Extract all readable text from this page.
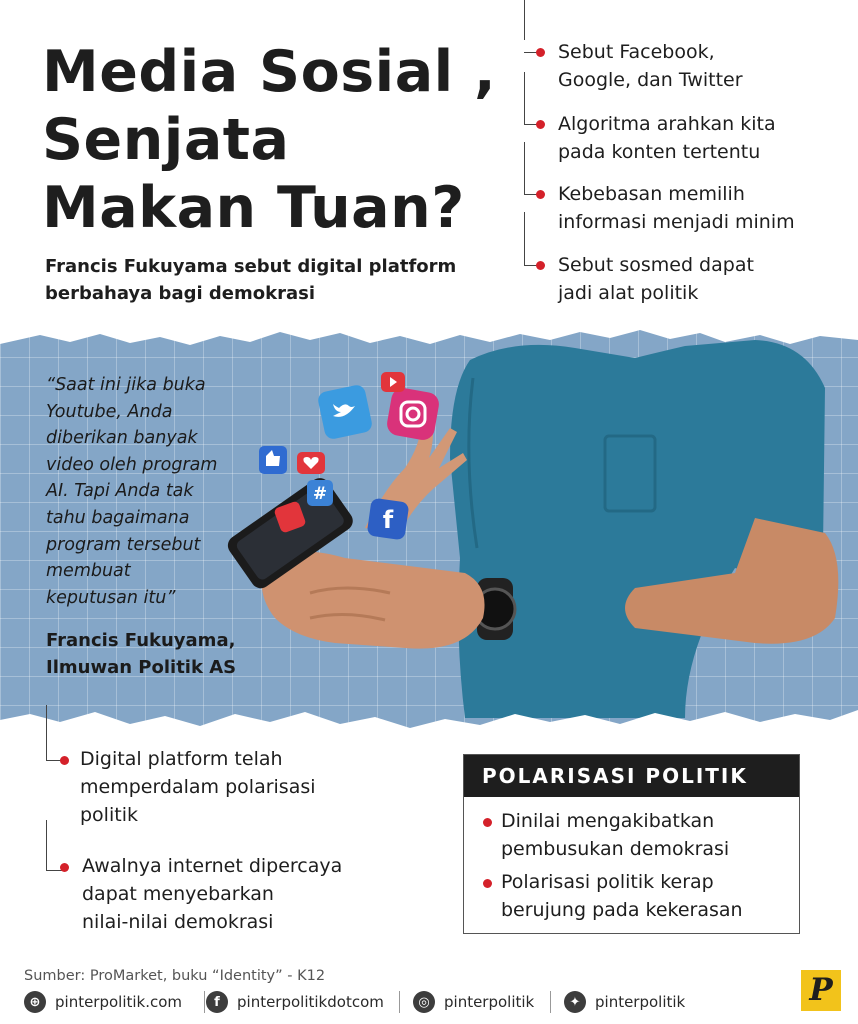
Media Sosial ,
Senjata
Makan Tuan?
Francis Fukuyama sebut digital platform
berbahaya bagi demokrasi
Sebut Facebook,
Google, dan Twitter
Algoritma arahkan kita
pada konten tertentu
Kebebasan memilih
informasi menjadi minim
Sebut sosmed dapat
jadi alat politik
#
f
“Saat ini jika buka
Youtube, Anda
diberikan banyak
video oleh program
AI. Tapi Anda tak
tahu bagaimana
program tersebut
membuat
keputusan itu”
Francis Fukuyama,
Ilmuwan Politik AS
Digital platform telah
memperdalam polarisasi
politik
Awalnya internet dipercaya
dapat menyebarkan
nilai-nilai demokrasi
POLARISASI POLITIK
Dinilai mengakibatkan
pembusukan demokrasi
Polarisasi politik kerap
berujung pada kekerasan
Sumber: ProMarket, buku “Identity” - K12
⊕ pinterpolitik.com	f	pinterpolitikdotcom	◎ pinterpolitik	✦ pinterpolitik	P
